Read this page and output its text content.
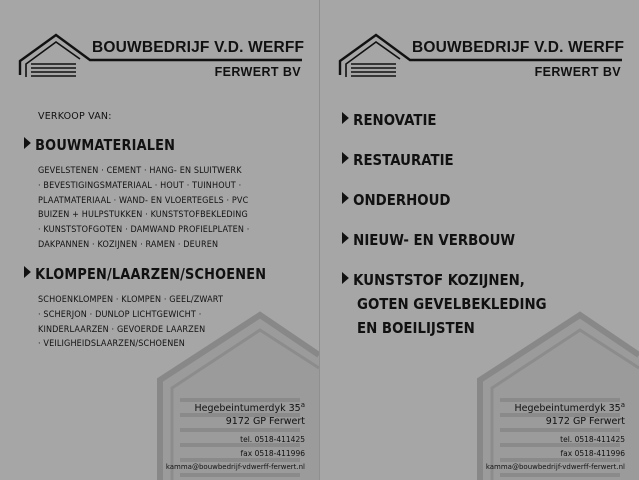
BOUWBEDRIJF V.D. WERFF
FERWERT BV
VERKOOP VAN:
BOUWMATERIALEN
GEVELSTENEN · CEMENT · HANG- EN SLUITWERK
· BEVESTIGINGSMATERIAAL · HOUT · TUINHOUT ·
PLAATMATERIAAL · WAND- EN VLOERTEGELS · PVC
BUIZEN + HULPSTUKKEN · KUNSTSTOFBEKLEDING
· KUNSTSTOFGOTEN · DAMWAND PROFIELPLATEN ·
DAKPANNEN · KOZIJNEN · RAMEN · DEUREN
KLOMPEN/LAARZEN/SCHOENEN
SCHOENKLOMPEN · KLOMPEN · GEEL/ZWART
· SCHERJON · DUNLOP LICHTGEWICHT ·
KINDERLAARZEN · GEVOERDE LAARZEN
· VEILIGHEIDSLAARZEN/SCHOENEN
Hegebeintumerdyk 35$^a$
9172 GP Ferwert
tel. 0518-411425
fax 0518-411996
kamma@bouwbedrijf-vdwerff-ferwert.nl
BOUWBEDRIJF V.D. WERFF
FERWERT BV
RENOVATIE
RESTAURATIE
ONDERHOUD
NIEUW- EN VERBOUW
KUNSTSTOF KOZIJNEN,
GOTEN GEVELBEKLEDING
EN BOEILIJSTEN
Hegebeintumerdyk 35$^a$
9172 GP Ferwert
tel. 0518-411425
fax 0518-411996
kamma@bouwbedrijf-vdwerff-ferwert.nl
